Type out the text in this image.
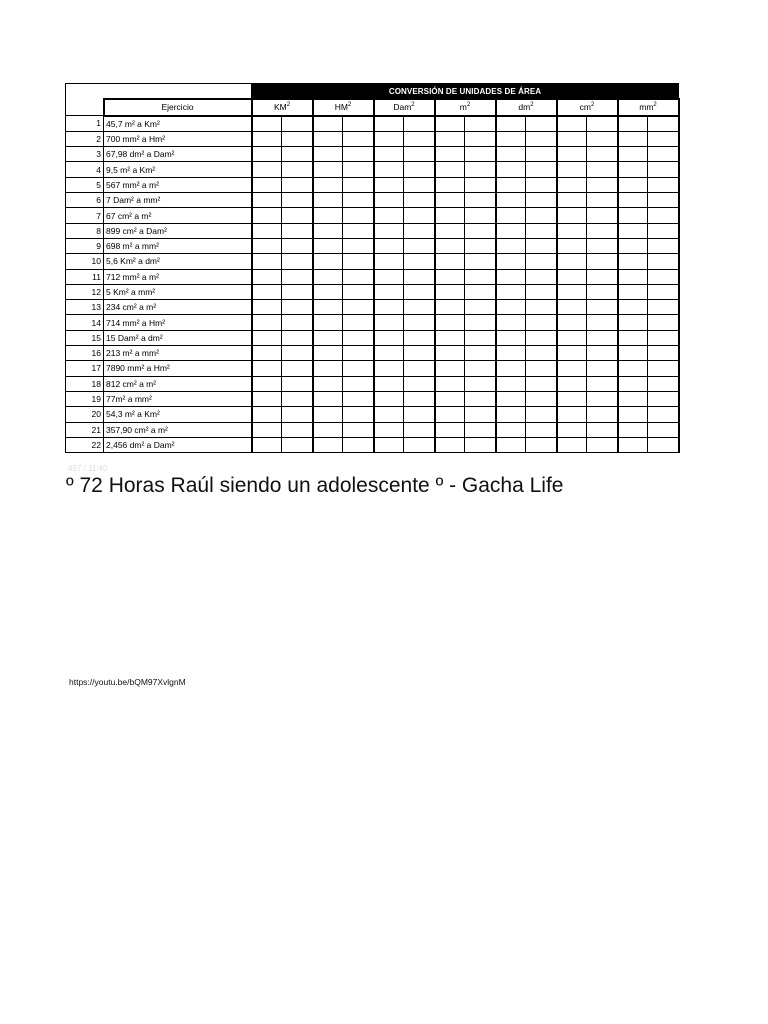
		CONVERSIÓN DE UNIDADES DE ÁREA													
	Ejercicio	$KM^2$		$HM^2$		Dam$^2$		$m^2$		$dm^2$		$cm^2$		$mm^2$
1	45,7 m² a Km²														
2	700 mm² a Hm²														
3	67,98 dm² a Dam²														
4	9,5 m² a Km²														
5	567 mm² a m²														
6	7 Dam² a mm²														
7	67 cm² a m²														
8	899 cm² a Dam²														
9	698 m² a mm²														
10	5,6 Km² a dm²														
11	712 mm² a m²														
12	5 Km² a mm²														
13	234 cm² a m²														
14	714 mm² a Hm²														
15	15 Dam² a dm²														
16	213 m² a mm²														
17	7890 mm² a Hm²														
18	812 cm² a m²														
19	77m² a mm²														
20	54,3 m² a Km²														
21	357,90 cm² a m²														
22	2,456 dm² a Dam²														
457 / 11:40
º 72 Horas Raúl siendo un adolescente º - Gacha Life
https://youtu.be/bQM97XvlgnM
